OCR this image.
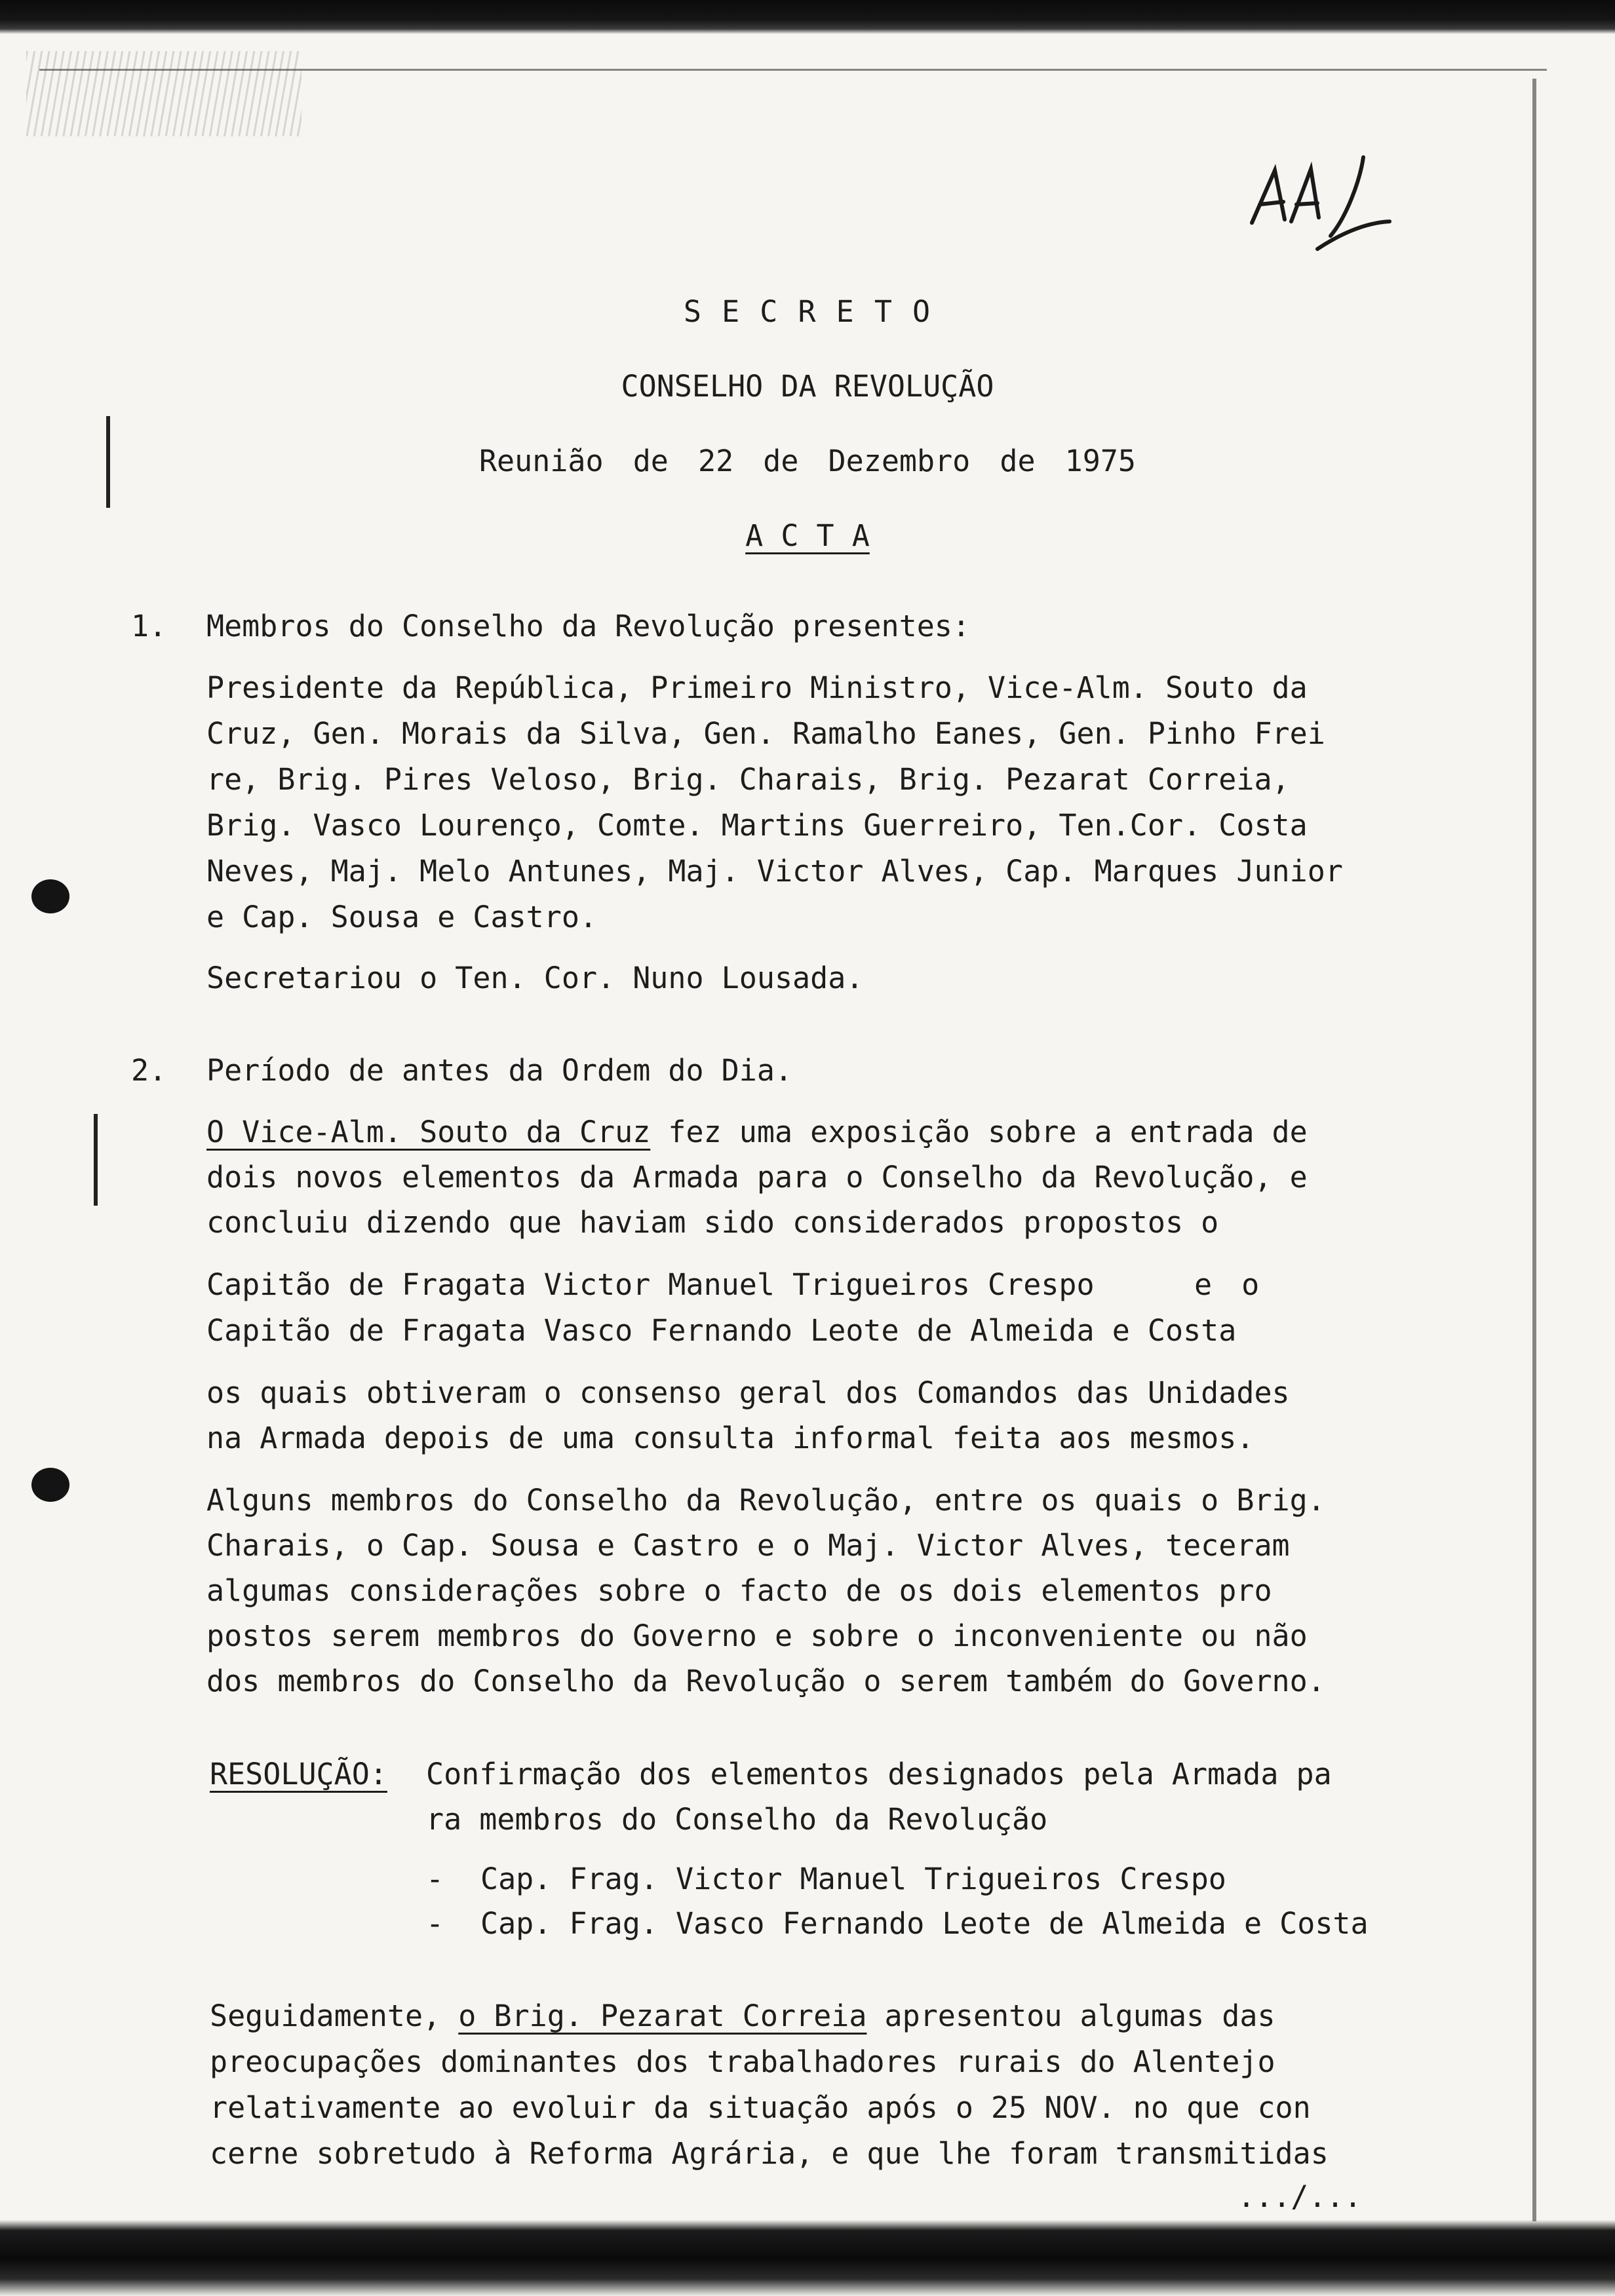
S E C R E T O
CONSELHO DA REVOLUÇÃO
Reunião de 22 de Dezembro de 1975
A C T A
1. Membros do Conselho da Revolução presentes:
Presidente da República, Primeiro Ministro, Vice-Alm. Souto da
Cruz, Gen. Morais da Silva, Gen. Ramalho Eanes, Gen. Pinho Frei
re, Brig. Pires Veloso, Brig. Charais, Brig. Pezarat Correia,
Brig. Vasco Lourenço, Comte. Martins Guerreiro, Ten.Cor. Costa
Neves, Maj. Melo Antunes, Maj. Victor Alves, Cap. Marques Junior
e Cap. Sousa e Castro.
Secretariou o Ten. Cor. Nuno Lousada.
2. Período de antes da Ordem do Dia.
O Vice-Alm. Souto da Cruz fez uma exposição sobre a entrada de
dois novos elementos da Armada para o Conselho da Revolução, e
concluiu dizendo que haviam sido considerados propostos o
Capitão de Fragata Victor Manuel Trigueiros Crespo	e o
Capitão de Fragata Vasco Fernando Leote de Almeida e Costa
os quais obtiveram o consenso geral dos Comandos das Unidades
na Armada depois de uma consulta informal feita aos mesmos.
Alguns membros do Conselho da Revolução, entre os quais o Brig.
Charais, o Cap. Sousa e Castro e o Maj. Victor Alves, teceram
algumas considerações sobre o facto de os dois elementos pro
postos serem membros do Governo e sobre o inconveniente ou não
dos membros do Conselho da Revolução o serem também do Governo.
RESOLUÇÃO: Confirmação dos elementos designados pela Armada pa
ra membros do Conselho da Revolução
- Cap. Frag. Victor Manuel Trigueiros Crespo
- Cap. Frag. Vasco Fernando Leote de Almeida e Costa
Seguidamente, o Brig. Pezarat Correia apresentou algumas das
preocupações dominantes dos trabalhadores rurais do Alentejo
relativamente ao evoluir da situação após o 25 NOV. no que con
cerne sobretudo à Reforma Agrária, e que lhe foram transmitidas
.../...
